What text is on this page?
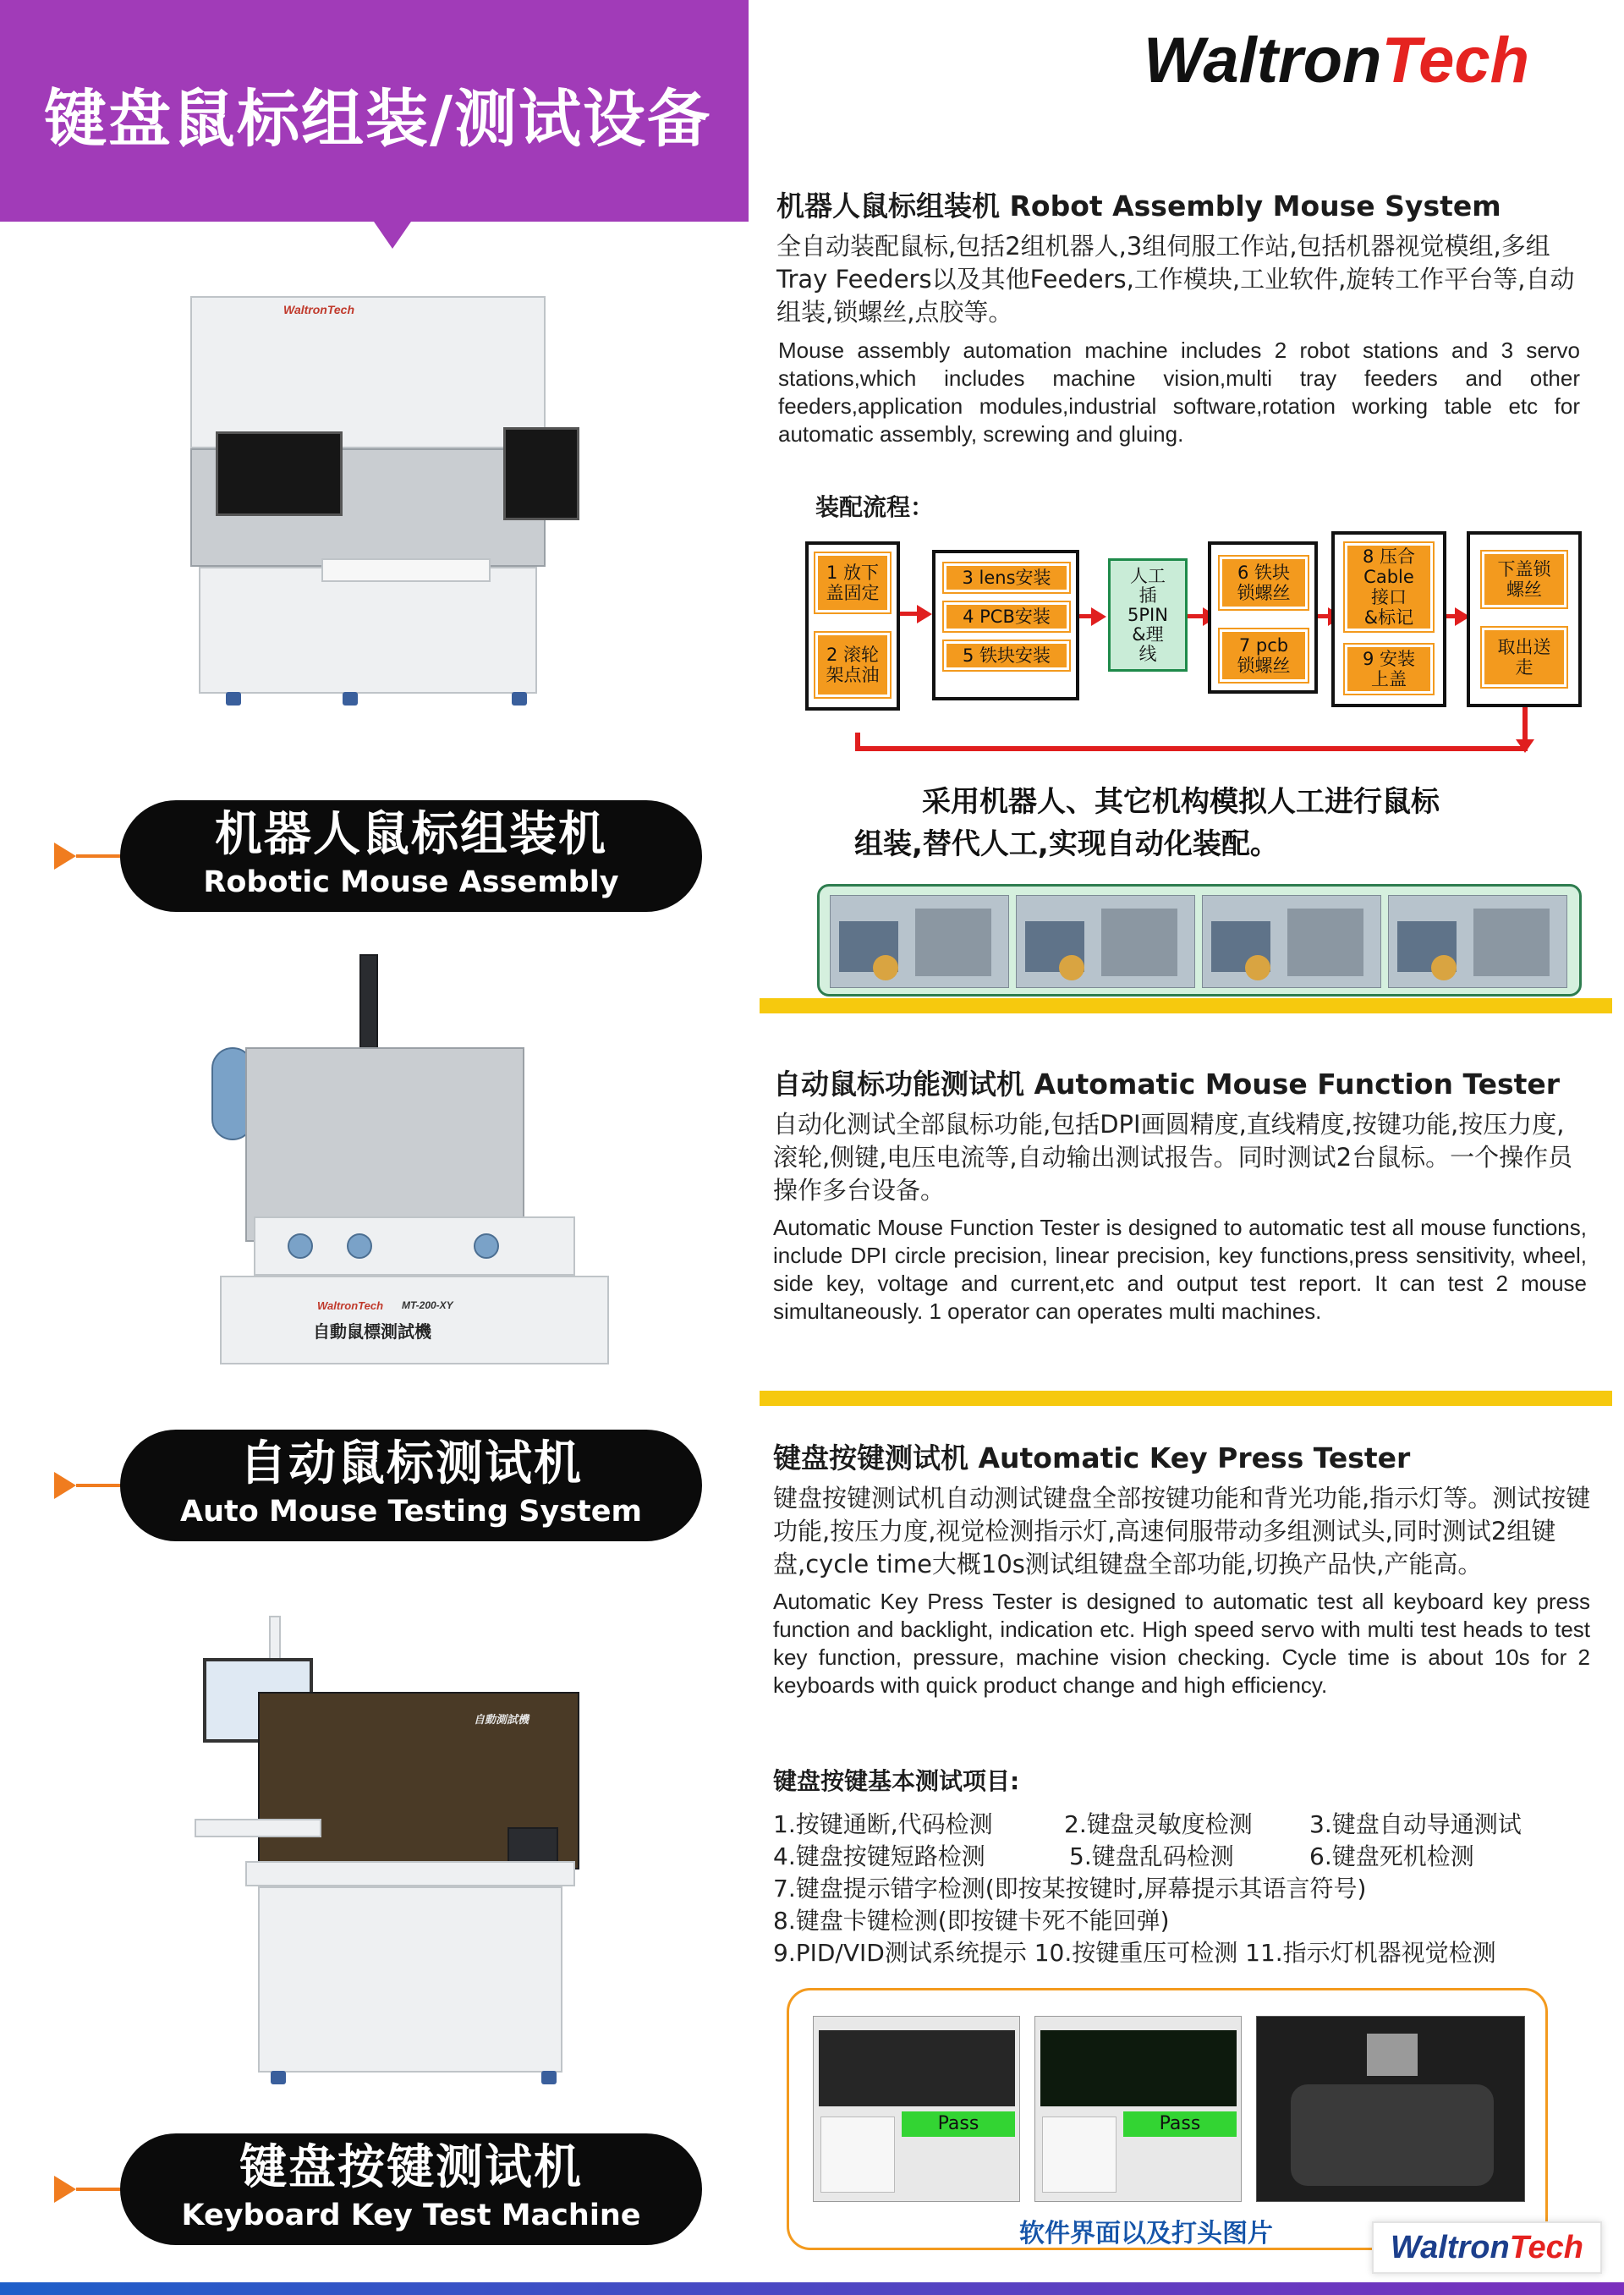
键盘鼠标组装/测试设备
WaltronTech
WaltronTech
机器人鼠标组装机
Robotic Mouse Assembly
WaltronTech MT-200-XY
自動鼠標測試機
自动鼠标测试机
Auto Mouse Testing System
自動測試機
键盘按键测试机
Keyboard Key Test Machine
机器人鼠标组装机 Robot Assembly Mouse System
全自动装配鼠标,包括2组机器人,3组伺服工作站,包括机器视觉模组,多组Tray Feeders以及其他Feeders,工作模块,工业软件,旋转工作平台等,自动组装,锁螺丝,点胶等。
Mouse assembly automation machine includes 2 robot stations and 3 servo stations,which includes machine vision,multi tray feeders and other feeders,application modules,industrial software,rotation working table etc for automatic assembly, screwing and gluing.
装配流程：
1 放下
盖固定
2 滚轮
架点油
3 lens安装
4 PCB安装
5 铁块安装
人工
插
5PIN
&理
线
6 铁块
锁螺丝
7 pcb
锁螺丝
8 压合
Cable
接口
&标记
9 安装
上盖
下盖锁
螺丝
取出送
走
采用机器人、其它机构模拟人工进行鼠标
组装,替代人工,实现自动化装配。
自动鼠标功能测试机 Automatic Mouse Function Tester
自动化测试全部鼠标功能,包括DPI画圆精度,直线精度,按键功能,按压力度,滚轮,侧键,电压电流等,自动输出测试报告。同时测试2台鼠标。一个操作员操作多台设备。
Automatic Mouse Function Tester is designed to automatic test all mouse functions, include DPI circle precision, linear precision, key functions,press sensitivity, wheel, side key, voltage and current,etc and output test report. It can test 2 mouse simultaneously. 1 operator can operates multi machines.
键盘按键测试机 Automatic Key Press Tester
键盘按键测试机自动测试键盘全部按键功能和背光功能,指示灯等。测试按键功能,按压力度,视觉检测指示灯,高速伺服带动多组测试头,同时测试2组键盘,cycle time大概10s测试组键盘全部功能,切换产品快,产能高。
Automatic Key Press Tester is designed to automatic test all keyboard key press function and backlight, indication etc. High speed servo with multi test heads to test key function, pressure, machine vision checking. Cycle time is about 10s for 2 keyboards with quick product change and high efficiency.
键盘按键基本测试项目:
1.按键通断,代码检测	2.键盘灵敏度检测 3.键盘自动导通测试
4.键盘按键短路检测	5.键盘乱码检测	6.键盘死机检测
7.键盘提示错字检测(即按某按键时,屏幕提示其语言符号)
8.键盘卡键检测(即按键卡死不能回弹)
9.PID/VID测试系统提示 10.按键重压可检测 11.指示灯机器视觉检测
Pass	Pass
软件界面以及打头图片	WaltronTech
